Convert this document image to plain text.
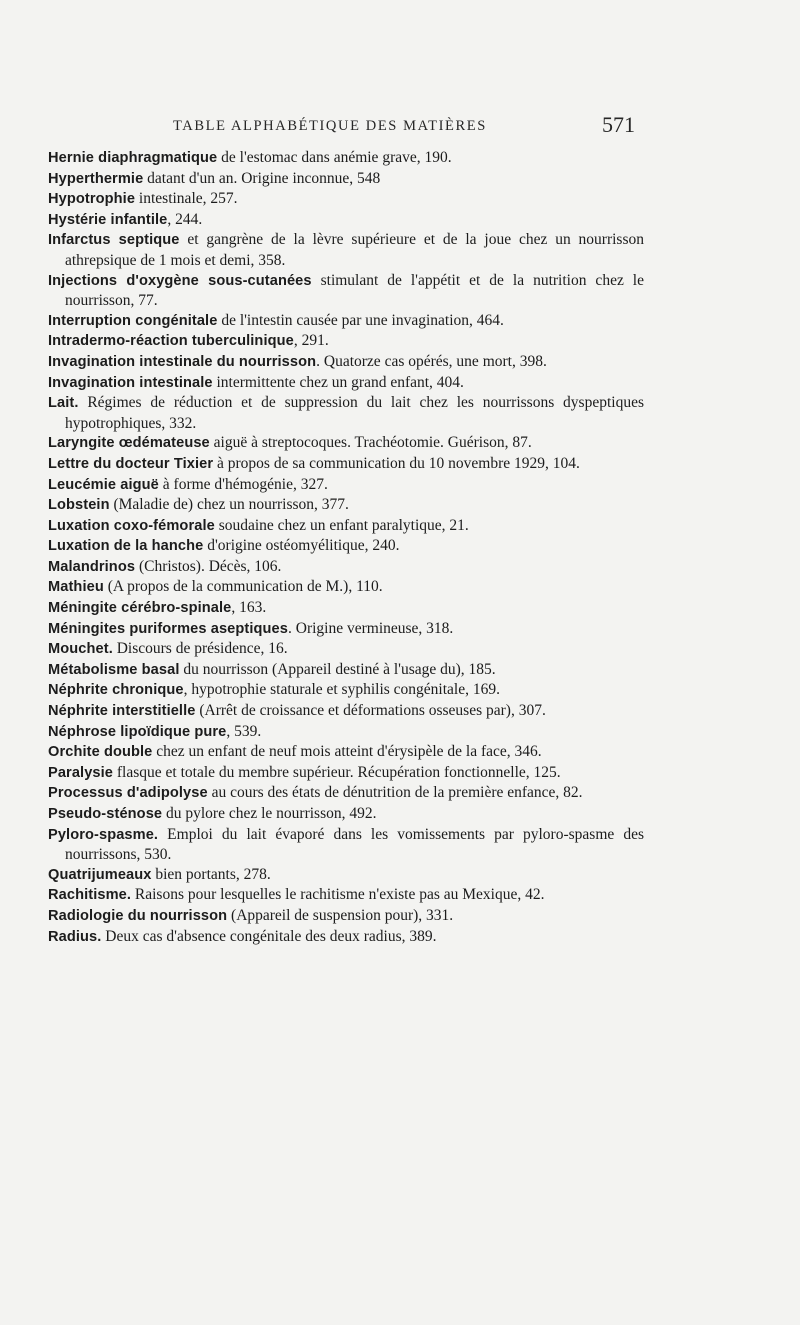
TABLE ALPHABÉTIQUE DES MATIÈRES	571

Hernie diaphragmatique de l'estomac dans anémie grave, 190.

Hyperthermie datant d'un an. Origine inconnue, 548

Hypotrophie intestinale, 257.

Hystérie infantile, 244.

Infarctus septique et gangrène de la lèvre supérieure et de la joue chez un nourrisson athrepsique de 1 mois et demi, 358.

Injections d'oxygène sous-cutanées stimulant de l'appétit et de la nutrition chez le nourrisson, 77.

Interruption congénitale de l'intestin causée par une invagination, 464.

Intradermo-réaction tuberculinique, 291.

Invagination intestinale du nourrisson. Quatorze cas opérés, une mort, 398.

Invagination intestinale intermittente chez un grand enfant, 404.

Lait. Régimes de réduction et de suppression du lait chez les nourrissons dyspeptiques hypotrophiques, 332.

Laryngite œdémateuse aiguë à streptocoques. Trachéotomie. Guérison, 87.

Lettre du docteur Tixier à propos de sa communication du 10 novembre 1929, 104.

Leucémie aiguë à forme d'hémogénie, 327.

Lobstein (Maladie de) chez un nourrisson, 377.

Luxation coxo-fémorale soudaine chez un enfant paralytique, 21.

Luxation de la hanche d'origine ostéomyélitique, 240.

Malandrinos (Christos). Décès, 106.

Mathieu (A propos de la communication de M.), 110.

Méningite cérébro-spinale, 163.

Méningites puriformes aseptiques. Origine vermineuse, 318.

Mouchet. Discours de présidence, 16.

Métabolisme basal du nourrisson (Appareil destiné à l'usage du), 185.

Néphrite chronique, hypotrophie staturale et syphilis congénitale, 169.

Néphrite interstitielle (Arrêt de croissance et déformations osseuses par), 307.

Néphrose lipoïdique pure, 539.

Orchite double chez un enfant de neuf mois atteint d'érysipèle de la face, 346.

Paralysie flasque et totale du membre supérieur. Récupération fonctionnelle, 125.

Processus d'adipolyse au cours des états de dénutrition de la première enfance, 82.

Pseudo-sténose du pylore chez le nourrisson, 492.

Pyloro-spasme. Emploi du lait évaporé dans les vomissements par pyloro-spasme des nourrissons, 530.

Quatrijumeaux bien portants, 278.

Rachitisme. Raisons pour lesquelles le rachitisme n'existe pas au Mexique, 42.

Radiologie du nourrisson (Appareil de suspension pour), 331.

Radius. Deux cas d'absence congénitale des deux radius, 389.
